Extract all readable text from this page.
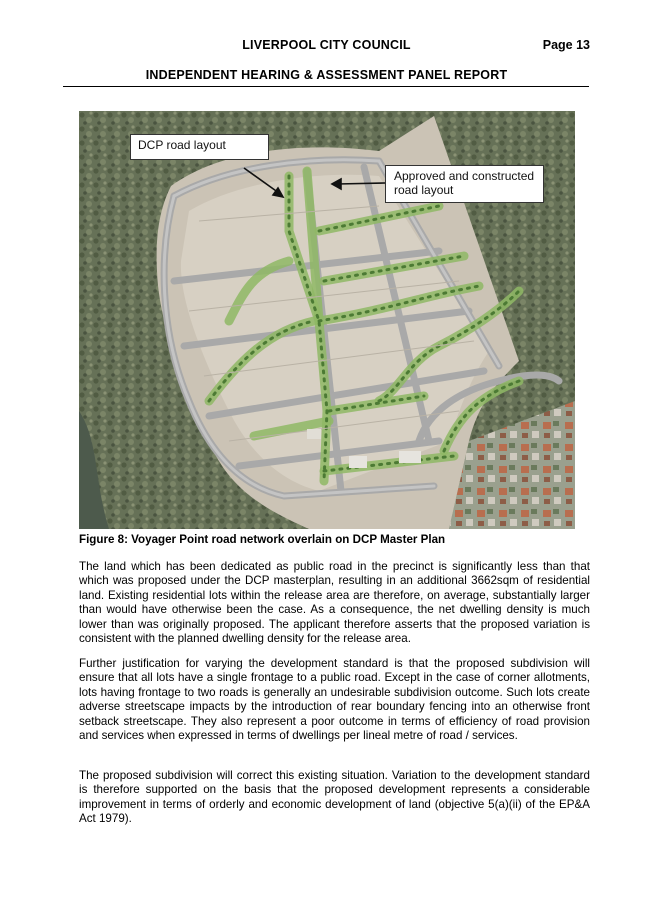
LIVERPOOL CITY COUNCIL	Page 13
INDEPENDENT HEARING & ASSESSMENT PANEL REPORT
DCP road layout
Approved and constructed road layout
Figure 8: Voyager Point road network overlain on DCP Master Plan

The land which has been dedicated as public road in the precinct is significantly less than that which was proposed under the DCP masterplan, resulting in an additional 3662sqm of residential land. Existing residential lots within the release area are therefore, on average, substantially larger than would have otherwise been the case. As a consequence, the net dwelling density is much lower than was originally proposed. The applicant therefore asserts that the proposed variation is consistent with the planned dwelling density for the release area.

Further justification for varying the development standard is that the proposed subdivision will ensure that all lots have a single frontage to a public road. Except in the case of corner allotments, lots having frontage to two roads is generally an undesirable subdivision outcome. Such lots create adverse streetscape impacts by the introduction of rear boundary fencing into an otherwise front setback streetscape. They also represent a poor outcome in terms of efficiency of road provision and services when expressed in terms of dwellings per lineal metre of road / services.

The proposed subdivision will correct this existing situation. Variation to the development standard is therefore supported on the basis that the proposed development represents a considerable improvement in terms of orderly and economic development of land (objective 5(a)(ii) of the EP&A Act 1979).
